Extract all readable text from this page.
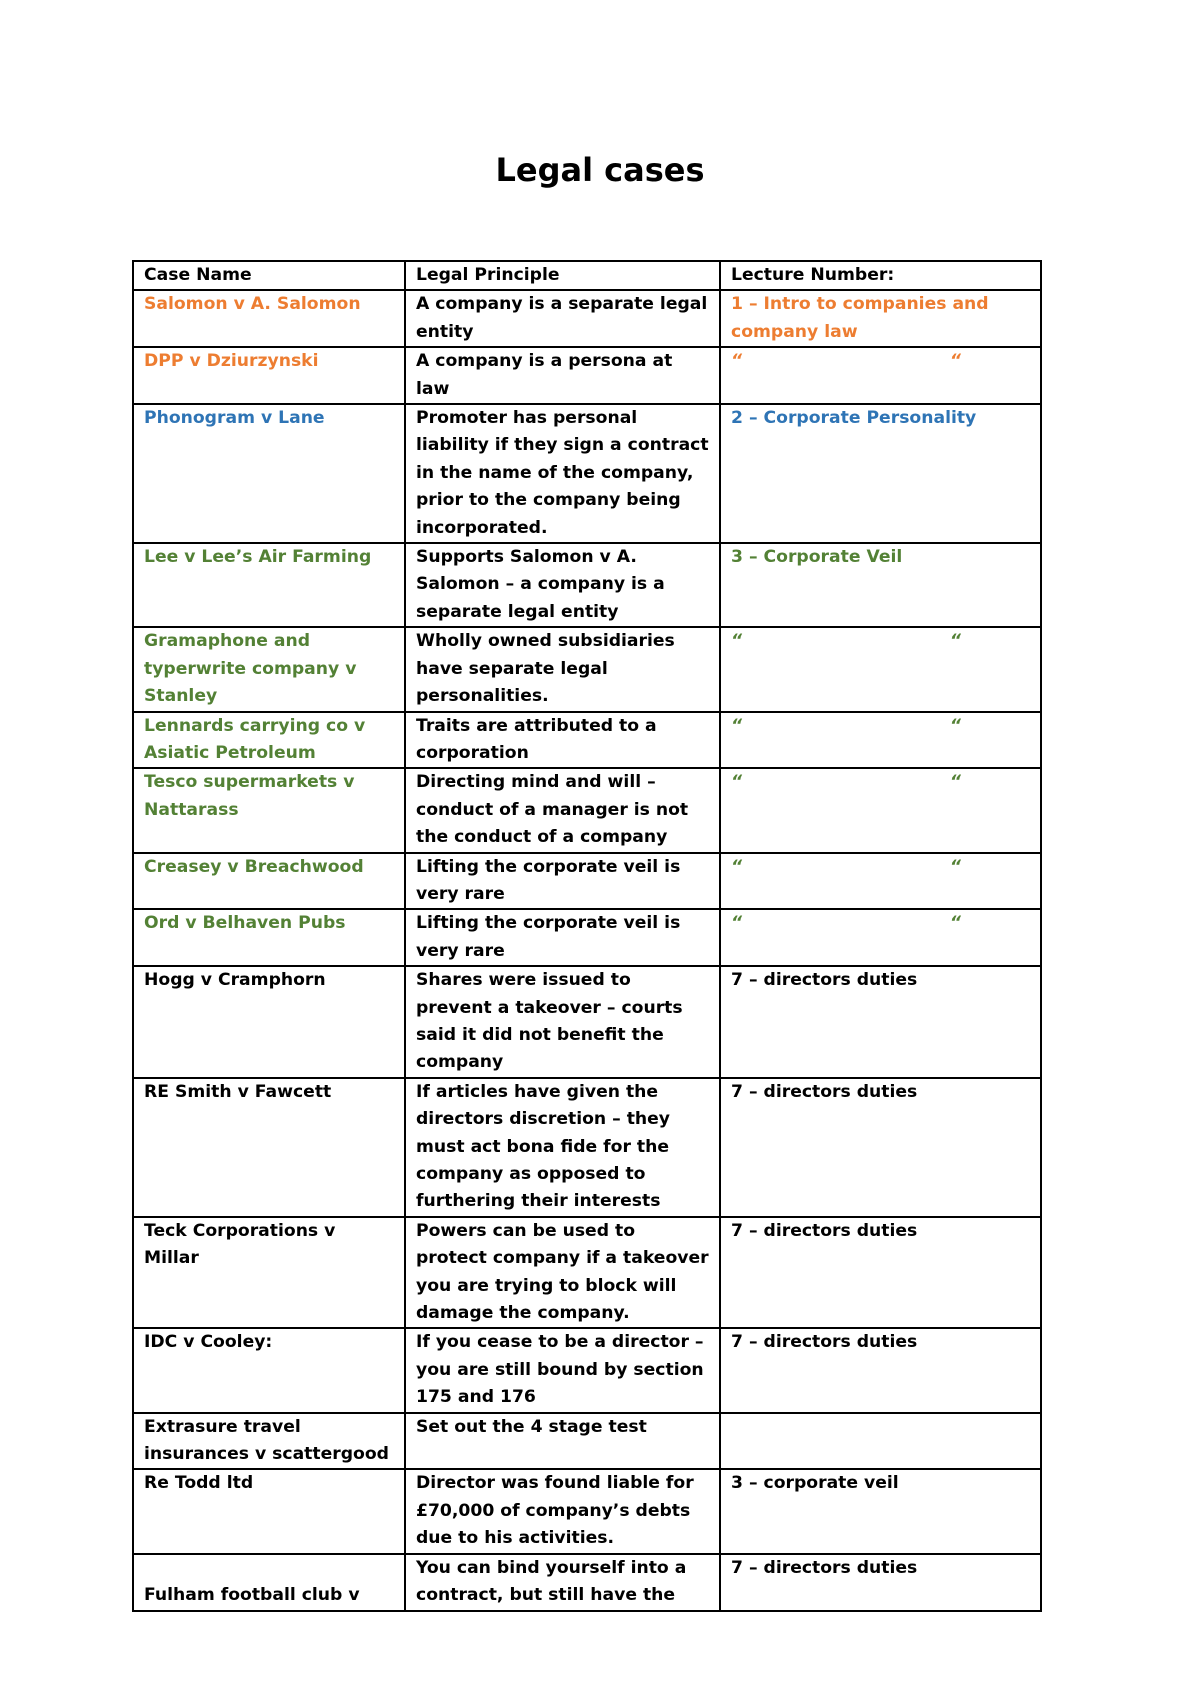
Legal cases
Case Name	Legal Principle	Lecture Number:
Salomon v A. Salomon	A company is a separate legal entity	1 – Intro to companies and company law
DPP v Dziurzynski	A company is a persona at law	“ “

Phonogram v Lane	Promoter has personal liability if they sign a contract in the name of the company, prior to the company being incorporated.	2 – Corporate Personality
Lee v Lee’s Air Farming	Supports Salomon v A. Salomon – a company is a separate legal entity	3 – Corporate Veil
Gramaphone and typerwrite company v Stanley	Wholly owned subsidiaries have separate legal personalities.	“ “

Lennards carrying co v Asiatic Petroleum	Traits are attributed to a corporation	“ “

Tesco supermarkets v Nattarass	Directing mind and will – conduct of a manager is not the conduct of a company	“ “

Creasey v Breachwood	Lifting the corporate veil is very rare	“ “

Ord v Belhaven Pubs	Lifting the corporate veil is very rare	“ “

Hogg v Cramphorn	Shares were issued to prevent a takeover – courts said it did not benefit the company	7 – directors duties
RE Smith v Fawcett	If articles have given the directors discretion – they must act bona fide for the company as opposed to furthering their interests	7 – directors duties
Teck Corporations v Millar	Powers can be used to protect company if a takeover you are trying to block will damage the company.	7 – directors duties
IDC v Cooley:	If you cease to be a director – you are still bound by section 175 and 176	7 – directors duties
Extrasure travel insurances v scattergood	Set out the 4 stage test	
Re Todd ltd	Director was found liable for £70,000 of company’s debts due to his activities.	3 – corporate veil
Fulham football club v	You can bind yourself into a contract, but still have the	7 – directors duties
